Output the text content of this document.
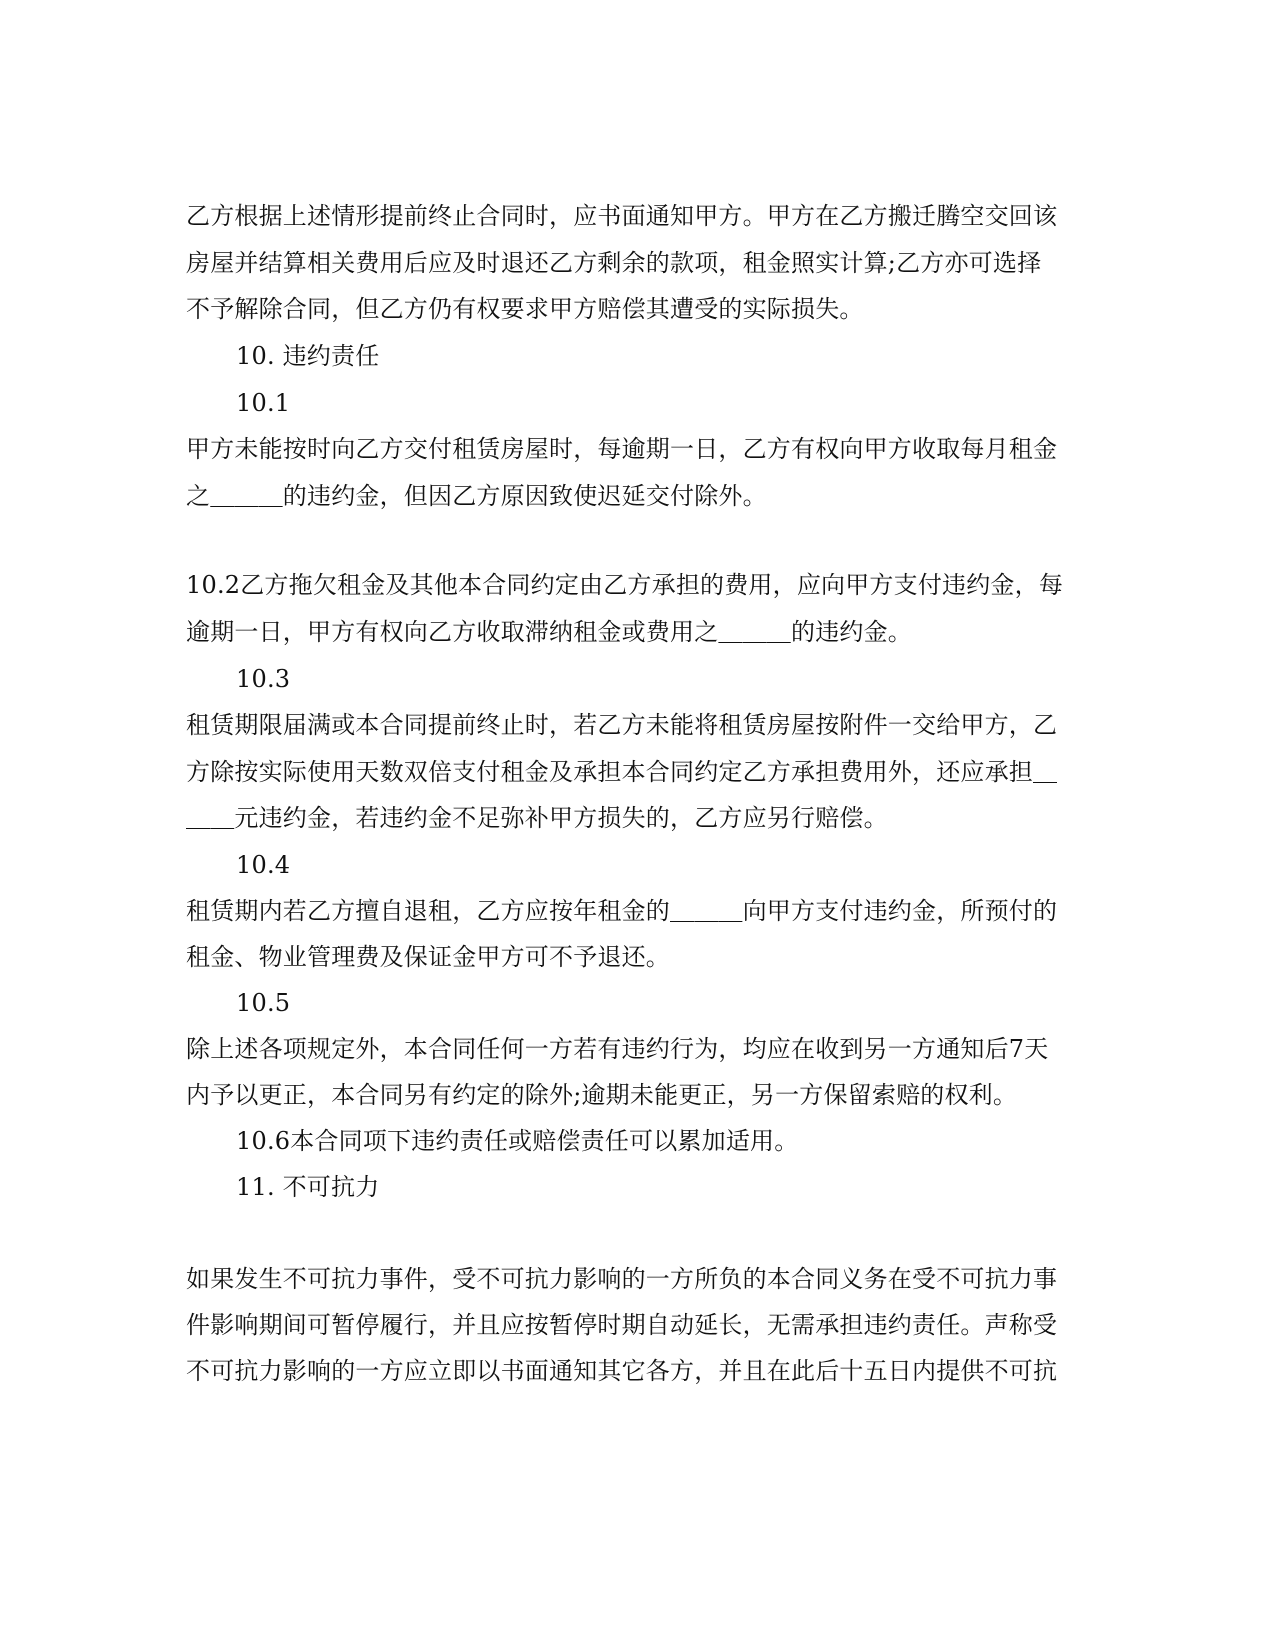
乙方根据上述情形提前终止合同时，应书面通知甲方。甲方在乙方搬迁腾空交回该
房屋并结算相关费用后应及时退还乙方剩余的款项，租金照实计算;乙方亦可选择
不予解除合同，但乙方仍有权要求甲方赔偿其遭受的实际损失。
10. 违约责任
10.1
甲方未能按时向乙方交付租赁房屋时，每逾期一日，乙方有权向甲方收取每月租金
之＿＿＿的违约金，但因乙方原因致使迟延交付除外。
10.2乙方拖欠租金及其他本合同约定由乙方承担的费用，应向甲方支付违约金，每
逾期一日，甲方有权向乙方收取滞纳租金或费用之＿＿＿的违约金。
10.3
租赁期限届满或本合同提前终止时，若乙方未能将租赁房屋按附件一交给甲方，乙
方除按实际使用天数双倍支付租金及承担本合同约定乙方承担费用外，还应承担＿
＿＿元违约金，若违约金不足弥补甲方损失的，乙方应另行赔偿。
10.4
租赁期内若乙方擅自退租，乙方应按年租金的＿＿＿向甲方支付违约金，所预付的
租金、物业管理费及保证金甲方可不予退还。
10.5
除上述各项规定外，本合同任何一方若有违约行为，均应在收到另一方通知后7天
内予以更正，本合同另有约定的除外;逾期未能更正，另一方保留索赔的权利。
10.6本合同项下违约责任或赔偿责任可以累加适用。
11. 不可抗力
如果发生不可抗力事件，受不可抗力影响的一方所负的本合同义务在受不可抗力事
件影响期间可暂停履行，并且应按暂停时期自动延长，无需承担违约责任。声称受
不可抗力影响的一方应立即以书面通知其它各方，并且在此后十五日内提供不可抗
